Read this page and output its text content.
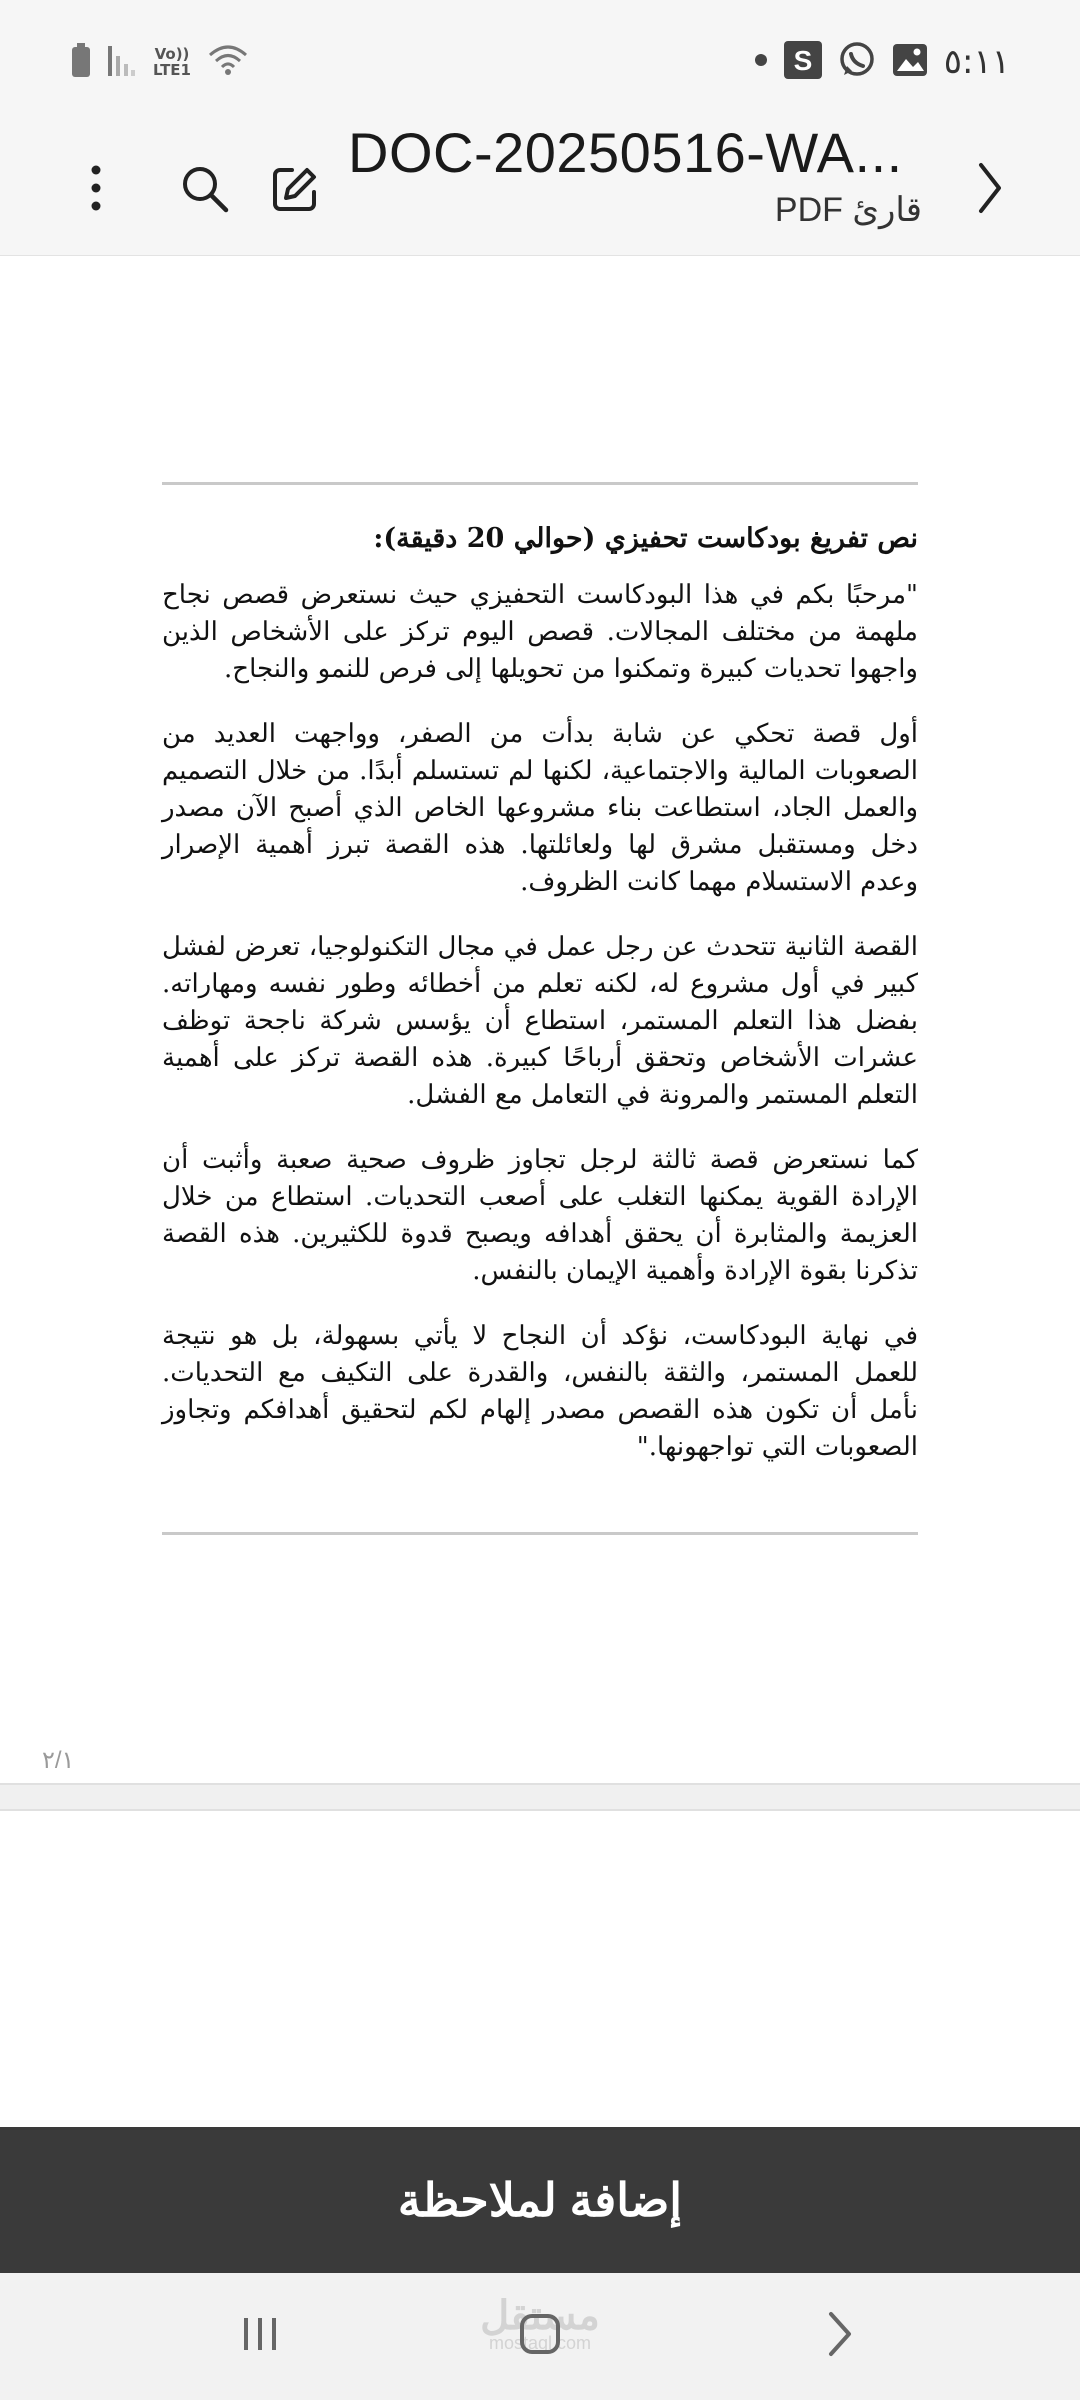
Vo)) LTE1	S	٥:١١
DOC-20250516-WA...
قارئ PDF
نص تفريغ بودكاست تحفيزي (حوالي 20 دقيقة):

"مرحبًا بكم في هذا البودكاست التحفيزي حيث نستعرض قصص نجاح ملهمة من مختلف المجالات. قصص اليوم تركز على الأشخاص الذين واجهوا تحديات كبيرة وتمكنوا من تحويلها إلى فرص للنمو والنجاح.

أول قصة تحكي عن شابة بدأت من الصفر، وواجهت العديد من الصعوبات المالية والاجتماعية، لكنها لم تستسلم أبدًا. من خلال التصميم والعمل الجاد، استطاعت بناء مشروعها الخاص الذي أصبح الآن مصدر دخل ومستقبل مشرق لها ولعائلتها. هذه القصة تبرز أهمية الإصرار وعدم الاستسلام مهما كانت الظروف.

القصة الثانية تتحدث عن رجل عمل في مجال التكنولوجيا، تعرض لفشل كبير في أول مشروع له، لكنه تعلم من أخطائه وطور نفسه ومهاراته. بفضل هذا التعلم المستمر، استطاع أن يؤسس شركة ناجحة توظف عشرات الأشخاص وتحقق أرباحًا كبيرة. هذه القصة تركز على أهمية التعلم المستمر والمرونة في التعامل مع الفشل.

كما نستعرض قصة ثالثة لرجل تجاوز ظروف صحية صعبة وأثبت أن الإرادة القوية يمكنها التغلب على أصعب التحديات. استطاع من خلال العزيمة والمثابرة أن يحقق أهدافه ويصبح قدوة للكثيرين. هذه القصة تذكرنا بقوة الإرادة وأهمية الإيمان بالنفس.

في نهاية البودكاست، نؤكد أن النجاح لا يأتي بسهولة، بل هو نتيجة للعمل المستمر، والثقة بالنفس، والقدرة على التكيف مع التحديات. نأمل أن تكون هذه القصص مصدر إلهام لكم لتحقيق أهدافكم وتجاوز الصعوبات التي تواجهونها."

٢/١
إضافة لملاحظة
مستقل
mostaql.com
